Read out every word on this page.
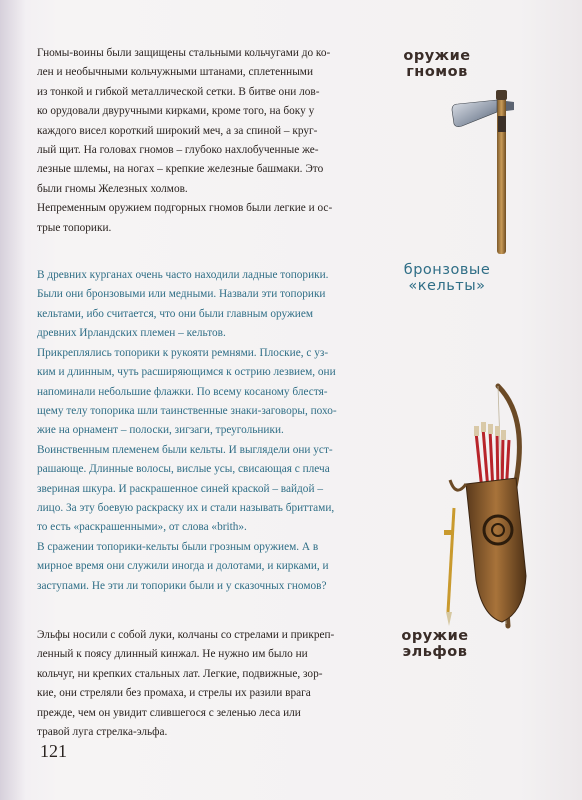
Гномы-воины были защищены стальными кольчугами до ко-
лен и необычными кольчужными штанами, сплетенными
из тонкой и гибкой металлической сетки. В битве они лов-
ко орудовали двуручными кирками, кроме того, на боку у
каждого висел короткий широкий меч, а за спиной – круг-
лый щит. На головах гномов – глубоко нахлобученные же-
лезные шлемы, на ногах – крепкие железные башмаки. Это
были гномы Железных холмов.
Непременным оружием подгорных гномов были легкие и ос-
трые топорики.
В древних курганах очень часто находили ладные топорики.
Были они бронзовыми или медными. Назвали эти топорики
кельтами, ибо считается, что они были главным оружием
древних Ирландских племен – кельтов.
Прикреплялись топорики к рукояти ремнями. Плоские, с уз-
ким и длинным, чуть расширяющимся к острию лезвием, они
напоминали небольшие флажки. По всему косаному блестя-
щему телу топорика шли таинственные знаки-заговоры, похо-
жие на орнамент – полоски, зигзаги, треугольники.
Воинственным племенем были кельты. И выглядели они уст-
рашающе. Длинные волосы, вислые усы, свисающая с плеча
звериная шкура. И раскрашенное синей краской – вайдой –
лицо. За эту боевую раскраску их и стали называть бриттами,
то есть «раскрашенными», от слова «brith».
В сражении топорики-кельты были грозным оружием. А в
мирное время они служили иногда и долотами, и кирками, и
заступами. Не эти ли топорики были и у сказочных гномов?
Эльфы носили с собой луки, колчаны со стрелами и прикреп-
ленный к поясу длинный кинжал. Не нужно им было ни
кольчуг, ни крепких стальных лат. Легкие, подвижные, зор-
кие, они стреляли без промаха, и стрелы их разили врага
прежде, чем он увидит слившегося с зеленью леса или
травой луга стрелка-эльфа.
оружие
гномов
бронзовые
«кельты»
оружие
эльфов
121
